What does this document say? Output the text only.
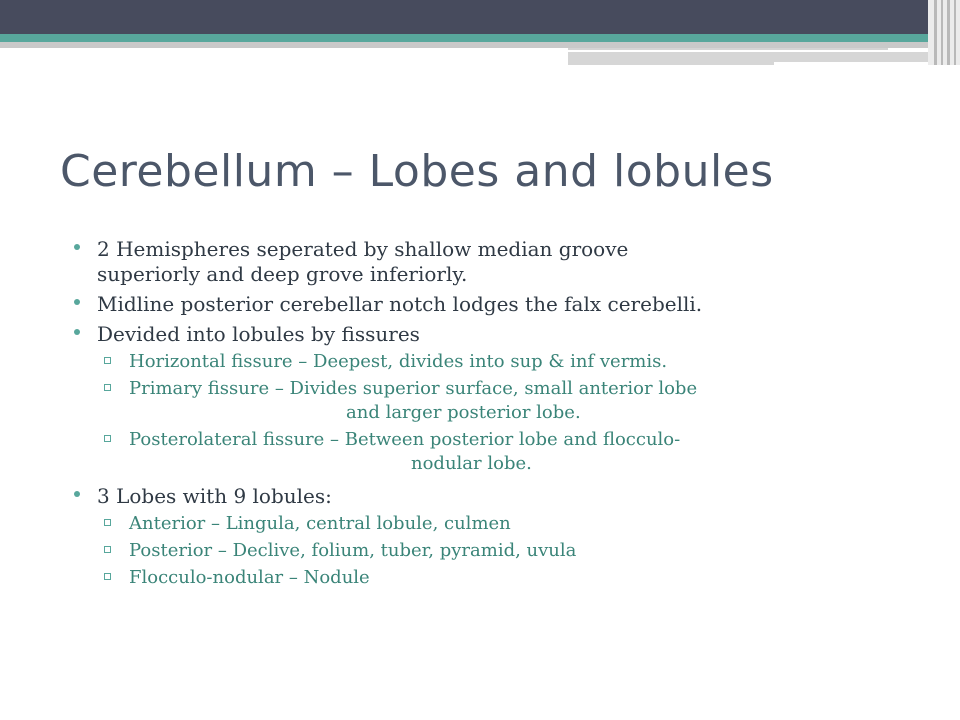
Cerebellum – Lobes and lobules
2 Hemispheres seperated by shallow median groove
superiorly and deep grove inferiorly.
Midline posterior cerebellar notch lodges the falx cerebelli.
Devided into lobules by fissures
Horizontal fissure – Deepest, divides into sup & inf vermis.
Primary fissure – Divides superior surface, small anterior lobe
and larger posterior lobe.
Posterolateral fissure – Between posterior lobe and flocculo-
nodular lobe.
3 Lobes with 9 lobules:
Anterior – Lingula, central lobule, culmen
Posterior – Declive, folium, tuber, pyramid, uvula
Flocculo-nodular – Nodule
